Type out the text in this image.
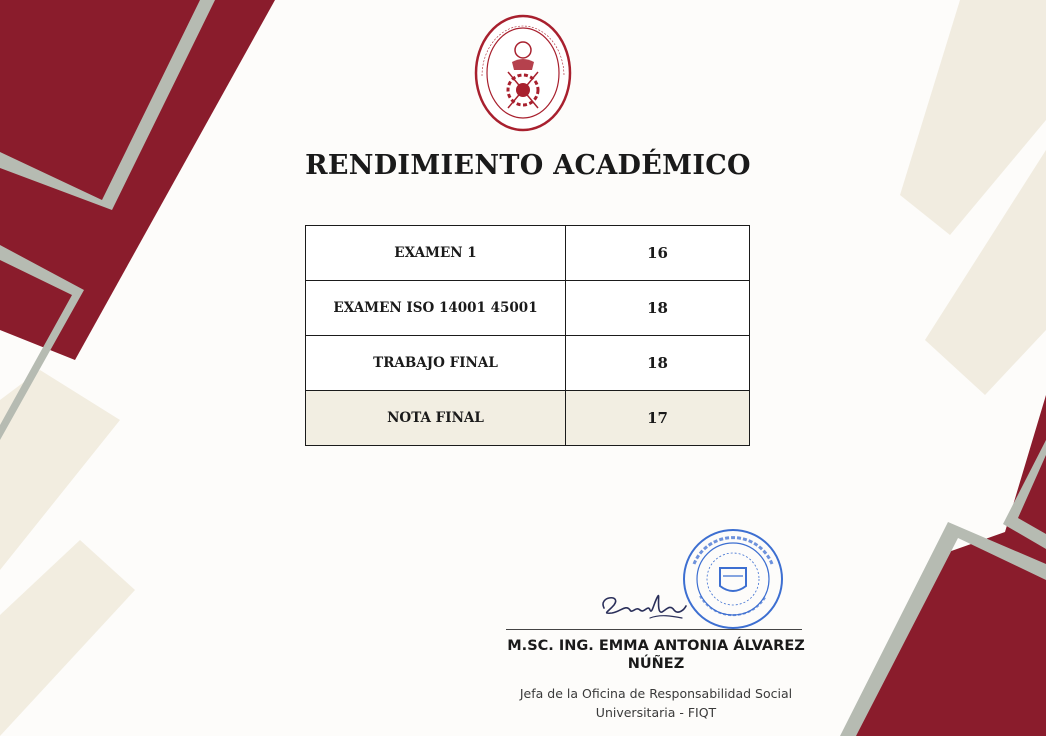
RENDIMIENTO ACADÉMICO
EXAMEN 1	16
EXAMEN ISO 14001 45001	18
TRABAJO FINAL	18
NOTA FINAL	17
M.SC. ING. EMMA ANTONIA ÁLVAREZ
NÚÑEZ
Jefa de la Oficina de Responsabilidad Social
Universitaria - FIQT
